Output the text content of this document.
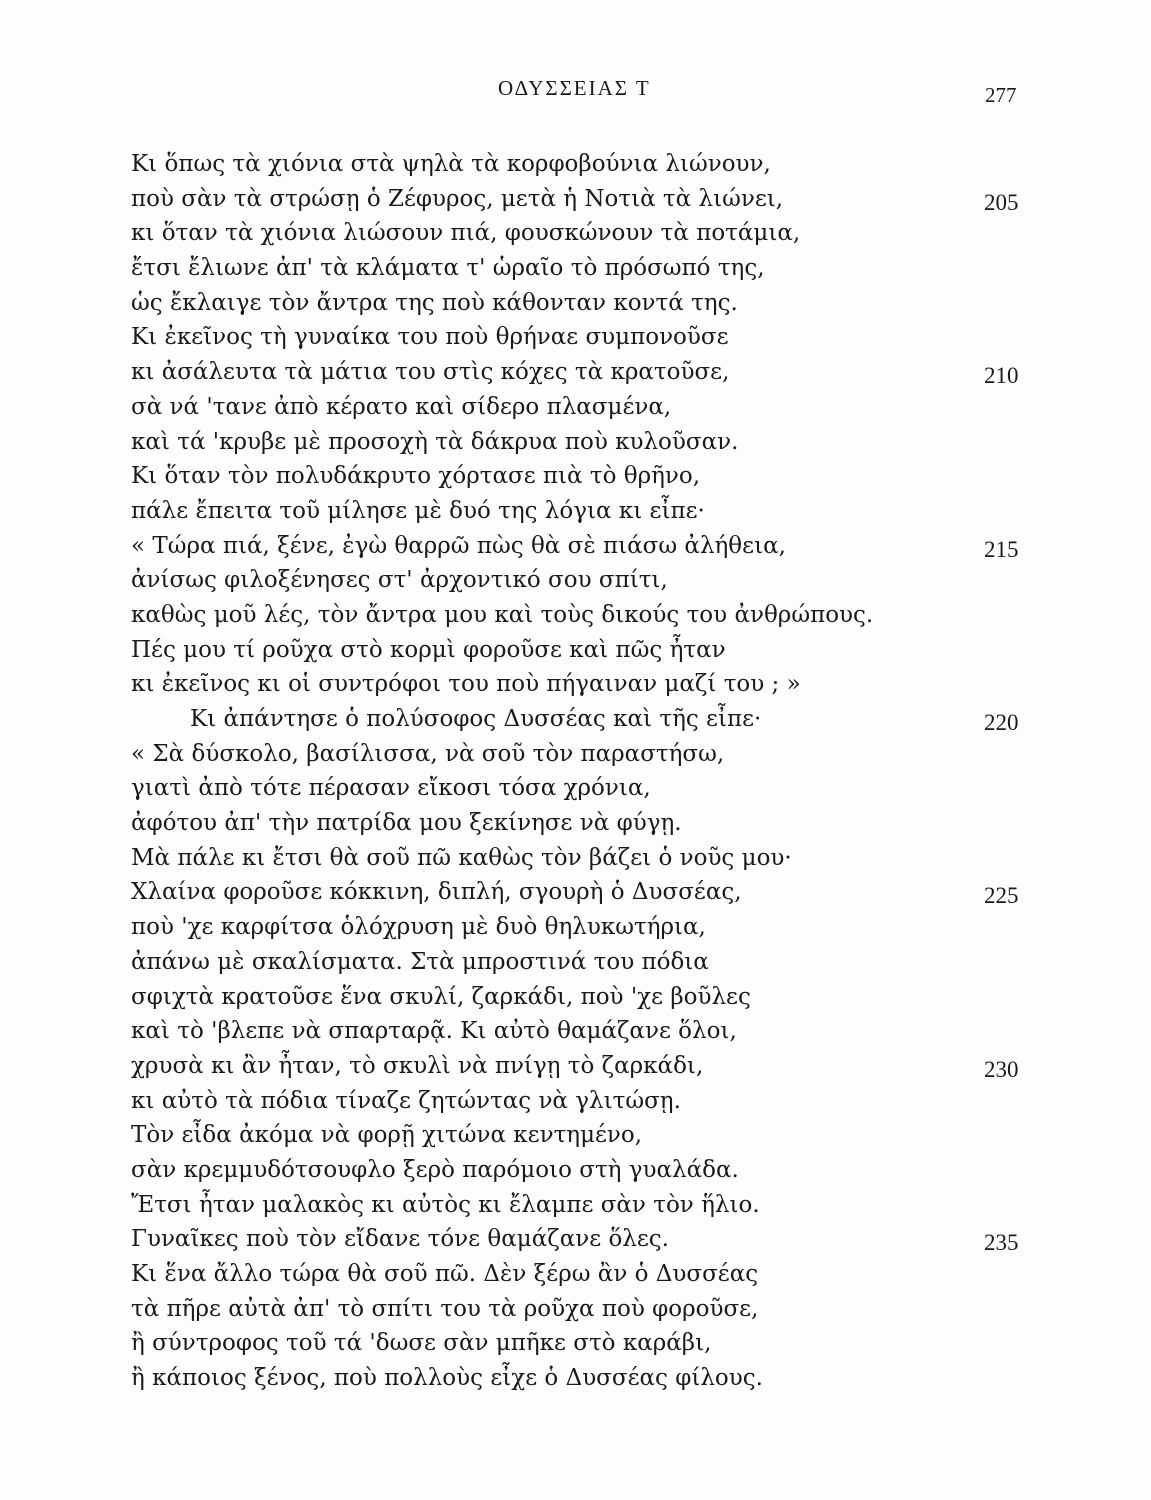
ΟΔΥΣΣΕΙΑΣ Τ	277
Κι ὅπως τὰ χιόνια στὰ ψηλὰ τὰ κορφοβούνια λιώνουν,
ποὺ σὰν τὰ στρώσῃ ὁ Ζέφυρος, μετὰ ἡ Νοτιὰ τὰ λιώνει,	205
κι ὅταν τὰ χιόνια λιώσουν πιά, φουσκώνουν τὰ ποτάμια,
ἔτσι ἔλιωνε ἀπ' τὰ κλάματα τ' ὡραῖο τὸ πρόσωπό της,
ὡς ἔκλαιγε τὸν ἄντρα της ποὺ κάθονταν κοντά της.
Κι ἐκεῖνος τὴ γυναίκα του ποὺ θρήναε συμπονοῦσε
κι ἀσάλευτα τὰ μάτια του στὶς κόχες τὰ κρατοῦσε,	210
σὰ νά 'τανε ἀπὸ κέρατο καὶ σίδερο πλασμένα,
καὶ τά 'κρυβε μὲ προσοχὴ τὰ δάκρυα ποὺ κυλοῦσαν.
Κι ὅταν τὸν πολυδάκρυτο χόρτασε πιὰ τὸ θρῆνο,
πάλε ἔπειτα τοῦ μίλησε μὲ δυό της λόγια κι εἶπε·
« Τώρα πιά, ξένε, ἐγὼ θαρρῶ πὼς θὰ σὲ πιάσω ἀλήθεια,	215
ἀνίσως φιλοξένησες στ' ἀρχοντικό σου σπίτι,
καθὼς μοῦ λές, τὸν ἄντρα μου καὶ τοὺς δικούς του ἀνθρώπους.
Πές μου τί ροῦχα στὸ κορμὶ φοροῦσε καὶ πῶς ἦταν
κι ἐκεῖνος κι οἱ συντρόφοι του ποὺ πήγαιναν μαζί του ; »
Κι ἀπάντησε ὁ πολύσοφος Δυσσέας καὶ τῆς εἶπε·	220
« Σὰ δύσκολο, βασίλισσα, νὰ σοῦ τὸν παραστήσω,
γιατὶ ἀπὸ τότε πέρασαν εἴκοσι τόσα χρόνια,
ἀφότου ἀπ' τὴν πατρίδα μου ξεκίνησε νὰ φύγῃ.
Μὰ πάλε κι ἔτσι θὰ σοῦ πῶ καθὼς τὸν βάζει ὁ νοῦς μου·
Χλαίνα φοροῦσε κόκκινη, διπλή, σγουρὴ ὁ Δυσσέας,	225
ποὺ 'χε καρφίτσα ὁλόχρυση μὲ δυὸ θηλυκωτήρια,
ἀπάνω μὲ σκαλίσματα. Στὰ μπροστινά του πόδια
σφιχτὰ κρατοῦσε ἕνα σκυλί, ζαρκάδι, ποὺ 'χε βοῦλες
καὶ τὸ 'βλεπε νὰ σπαρταρᾷ. Κι αὐτὸ θαμάζανε ὅλοι,
χρυσὰ κι ἂν ἦταν, τὸ σκυλὶ νὰ πνίγῃ τὸ ζαρκάδι,	230
κι αὐτὸ τὰ πόδια τίναζε ζητώντας νὰ γλιτώσῃ.
Τὸν εἶδα ἀκόμα νὰ φορῇ χιτώνα κεντημένο,
σὰν κρεμμυδότσουφλο ξερὸ παρόμοιο στὴ γυαλάδα.
Ἔτσι ἦταν μαλακὸς κι αὐτὸς κι ἔλαμπε σὰν τὸν ἥλιο.
Γυναῖκες ποὺ τὸν εἴδανε τόνε θαμάζανε ὅλες.	235
Κι ἕνα ἄλλο τώρα θὰ σοῦ πῶ. Δὲν ξέρω ἂν ὁ Δυσσέας
τὰ πῆρε αὐτὰ ἀπ' τὸ σπίτι του τὰ ροῦχα ποὺ φοροῦσε,
ἢ σύντροφος τοῦ τά 'δωσε σὰν μπῆκε στὸ καράβι,
ἢ κάποιος ξένος, ποὺ πολλοὺς εἶχε ὁ Δυσσέας φίλους.
